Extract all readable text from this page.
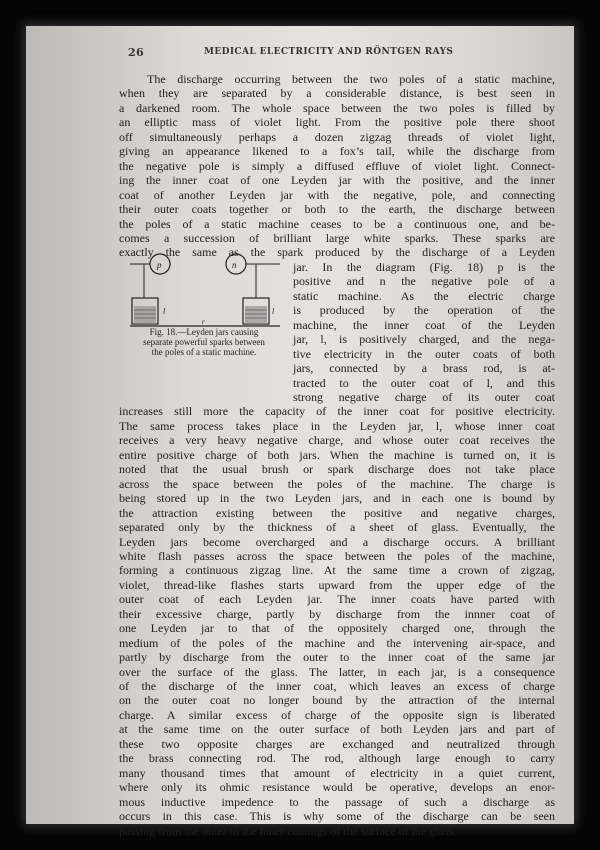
26	MEDICAL ELECTRICITY AND RÖNTGEN RAYS
p	n
l	l
r
Fig. 18.—Leyden jars causing
separate powerful sparks between
the poles of a static machine.
The discharge occurring between the two poles of a static machine,
when they are separated by a considerable distance, is best seen in
a darkened room. The whole space between the two poles is filled by
an elliptic mass of violet light. From the positive pole there shoot
off simultaneously perhaps a dozen zigzag threads of violet light,
giving an appearance likened to a fox’s tail, while the discharge from
the negative pole is simply a diffused effluve of violet light. Connect-
ing the inner coat of one Leyden jar with the positive, and the inner
coat of another Leyden jar with the negative, pole, and connecting
their outer coats together or both to the earth, the discharge between
the poles of a static machine ceases to be a continuous one, and be-
comes a succession of brilliant large white sparks. These sparks are
exactly the same as the spark produced by the discharge of a Leyden
jar. In the diagram (Fig. 18) p is the
positive and n the negative pole of a
static machine. As the electric charge
is produced by the operation of the
machine, the inner coat of the Leyden
jar, l, is positively charged, and the nega-
tive electricity in the outer coats of both
jars, connected by a brass rod, is at-
tracted to the outer coat of l, and this
strong negative charge of its outer coat
increases still more the capacity of the inner coat for positive electricity.
The same process takes place in the Leyden jar, l, whose inner coat
receives a very heavy negative charge, and whose outer coat receives the
entire positive charge of both jars. When the machine is turned on, it is
noted that the usual brush or spark discharge does not take place
across the space between the poles of the machine. The charge is
being stored up in the two Leyden jars, and in each one is bound by
the attraction existing between the positive and negative charges,
separated only by the thickness of a sheet of glass. Eventually, the
Leyden jars become overcharged and a discharge occurs. A brilliant
white flash passes across the space between the poles of the machine,
forming a continuous zigzag line. At the same time a crown of zigzag,
violet, thread-like flashes starts upward from the upper edge of the
outer coat of each Leyden jar. The inner coats have parted with
their excessive charge, partly by discharge from the innner coat of
one Leyden jar to that of the oppositely charged one, through the
medium of the poles of the machine and the intervening air-space, and
partly by discharge from the outer to the inner coat of the same jar
over the surface of the glass. The latter, in each jar, is a consequence
of the discharge of the inner coat, which leaves an excess of charge
on the outer coat no longer bound by the attraction of the internal
charge. A similar excess of charge of the opposite sign is liberated
at the same time on the outer surface of both Leyden jars and part of
these two opposite charges are exchanged and neutralized through
the brass connecting rod. The rod, although large enough to carry
many thousand times that amount of electricity in a quiet current,
where only its ohmic resistance would be operative, develops an enor-
mous inductive impedence to the passage of such a discharge as
occurs in this case. This is why some of the discharge can be seen
passing from the outer to the inner coatings of the surface of the glass.
